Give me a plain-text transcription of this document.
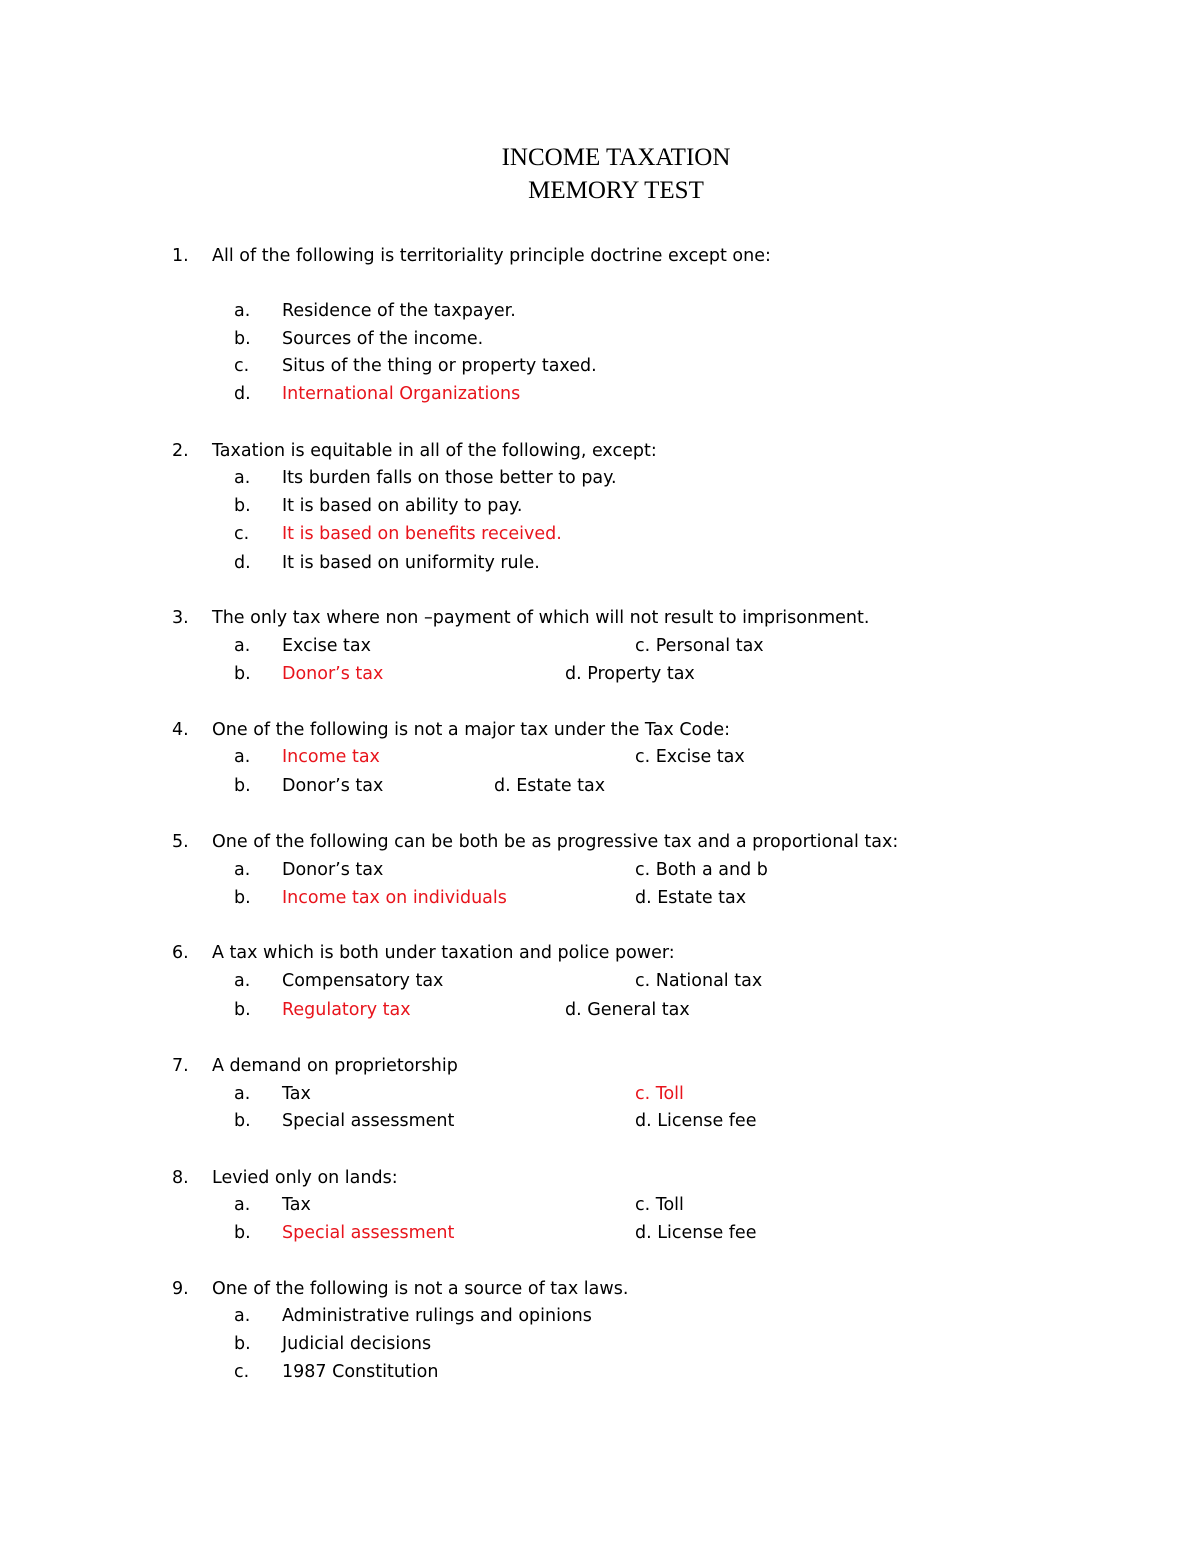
INCOME TAXATION
MEMORY TEST
1. All of the following is territoriality principle doctrine except one:
a. Residence of the taxpayer.
b. Sources of the income.
c. Situs of the thing or property taxed.
d. International Organizations
2. Taxation is equitable in all of the following, except:
a. Its burden falls on those better to pay.
b. It is based on ability to pay.
c. It is based on benefits received.
d. It is based on uniformity rule.
3. The only tax where non –payment of which will not result to imprisonment.
a. Excise tax	c. Personal tax
b. Donor’s tax	d. Property tax
4. One of the following is not a major tax under the Tax Code:
a. Income tax	c. Excise tax
b. Donor’s tax	d. Estate tax
5. One of the following can be both be as progressive tax and a proportional tax:
a. Donor’s tax	c. Both a and b
b. Income tax on individuals	d. Estate tax
6. A tax which is both under taxation and police power:
a. Compensatory tax	c. National tax
b. Regulatory tax	d. General tax
7. A demand on proprietorship
a. Tax	c. Toll
b. Special assessment	d. License fee
8. Levied only on lands:
a. Tax	c. Toll
b. Special assessment	d. License fee
9. One of the following is not a source of tax laws.
a. Administrative rulings and opinions
b. Judicial decisions
c. 1987 Constitution
